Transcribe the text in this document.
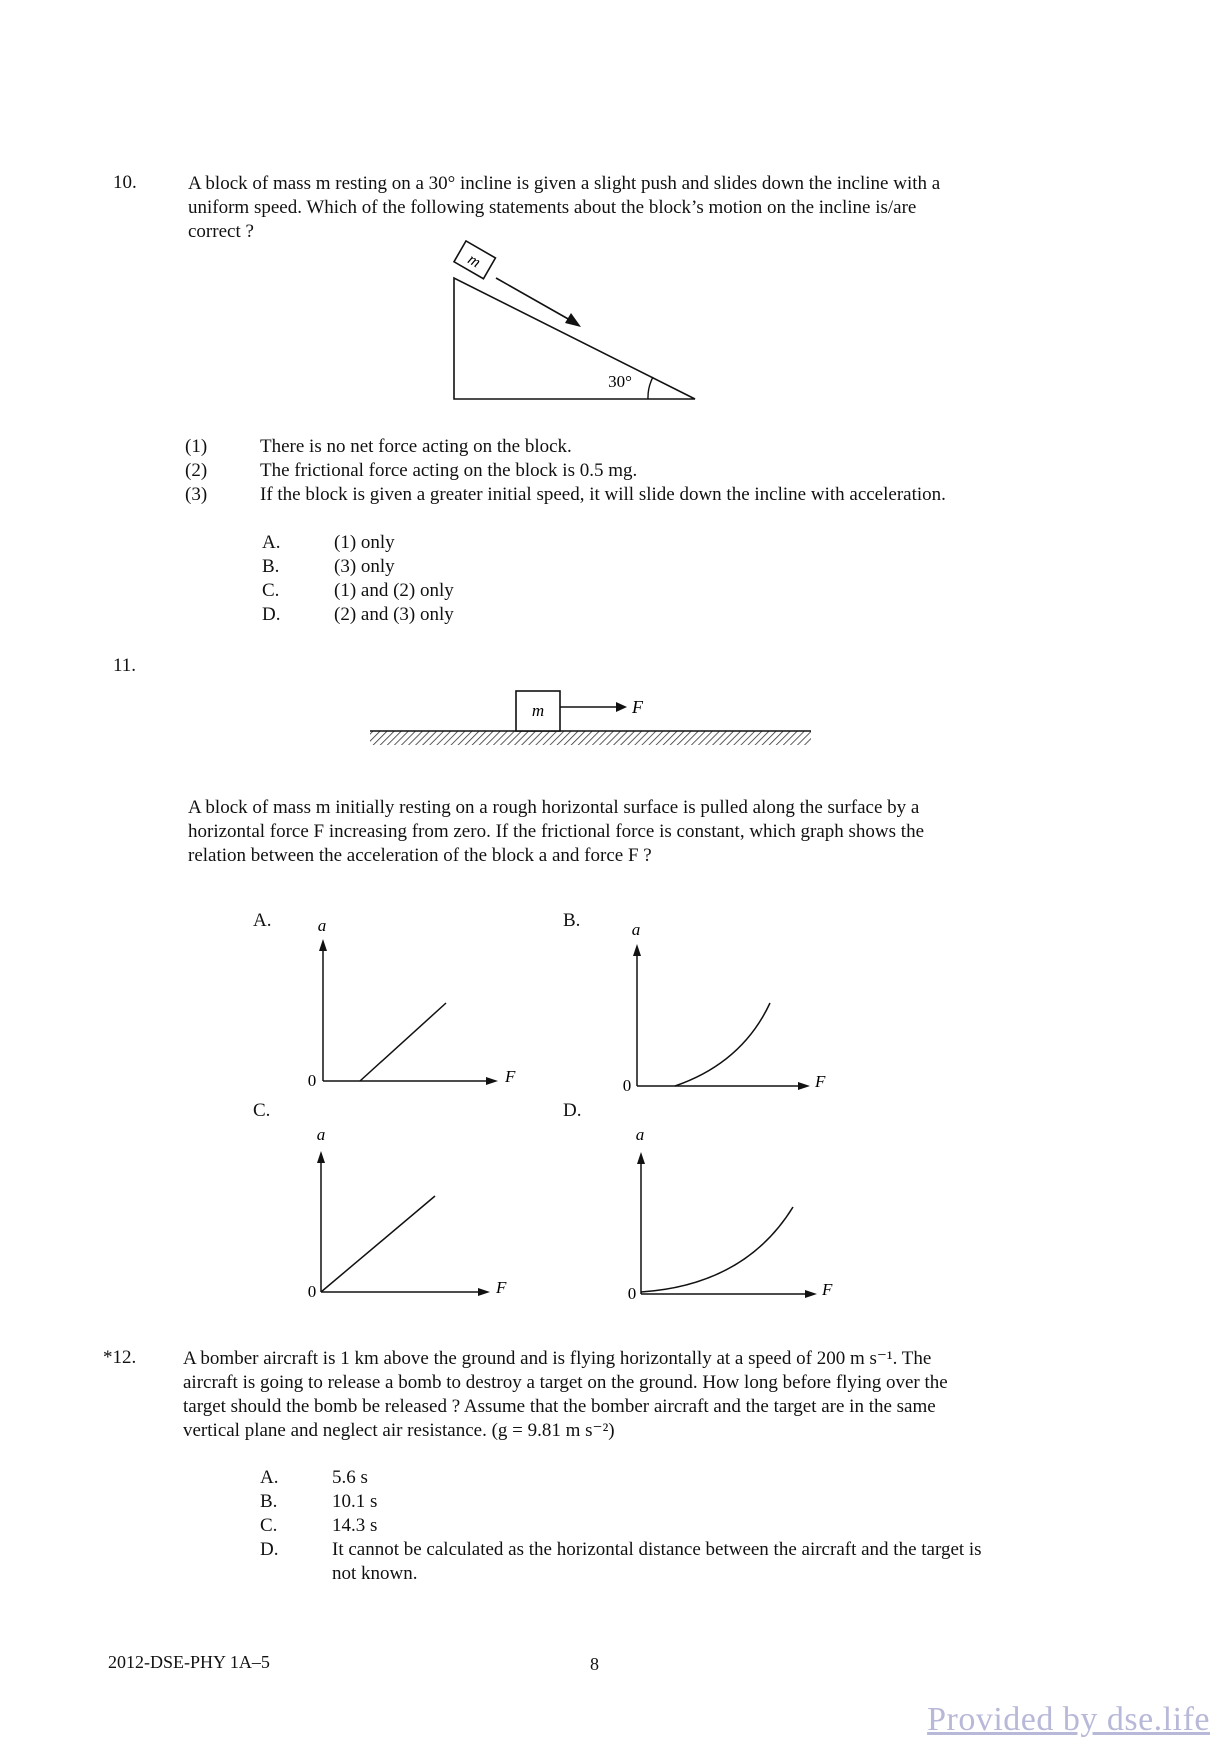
10.	A block of mass m resting on a 30° incline is given a slight push and slides down the incline with a
uniform speed. Which of the following statements about the block’s motion on the incline is/are
correct ?
m
30°
(1)	There is no net force acting on the block.
(2)	The frictional force acting on the block is 0.5 mg.
(3)	If the block is given a greater initial speed, it will slide down the incline with acceleration.
A.	(1) only
B.	(3) only
C.	(1) and (2) only
D.	(2) and (3) only
11.
m	F
A block of mass m initially resting on a rough horizontal surface is pulled along the surface by a
horizontal force F increasing from zero. If the frictional force is constant, which graph shows the
relation between the acceleration of the block a and force F ?
A.	a
0	F
B.	a
0	F
C.
a
0	F
D.
a
0	F
*12. A bomber aircraft is 1 km above the ground and is flying horizontally at a speed of 200 m s⁻¹. The
aircraft is going to release a bomb to destroy a target on the ground. How long before flying over the
target should the bomb be released ? Assume that the bomber aircraft and the target are in the same
vertical plane and neglect air resistance. (g = 9.81 m s⁻²)
A.	5.6 s
B.	10.1 s
C.	14.3 s
D.	It cannot be calculated as the horizontal distance between the aircraft and the target is
not known.
2012-DSE-PHY 1A–5	8
Provided by dse.life
